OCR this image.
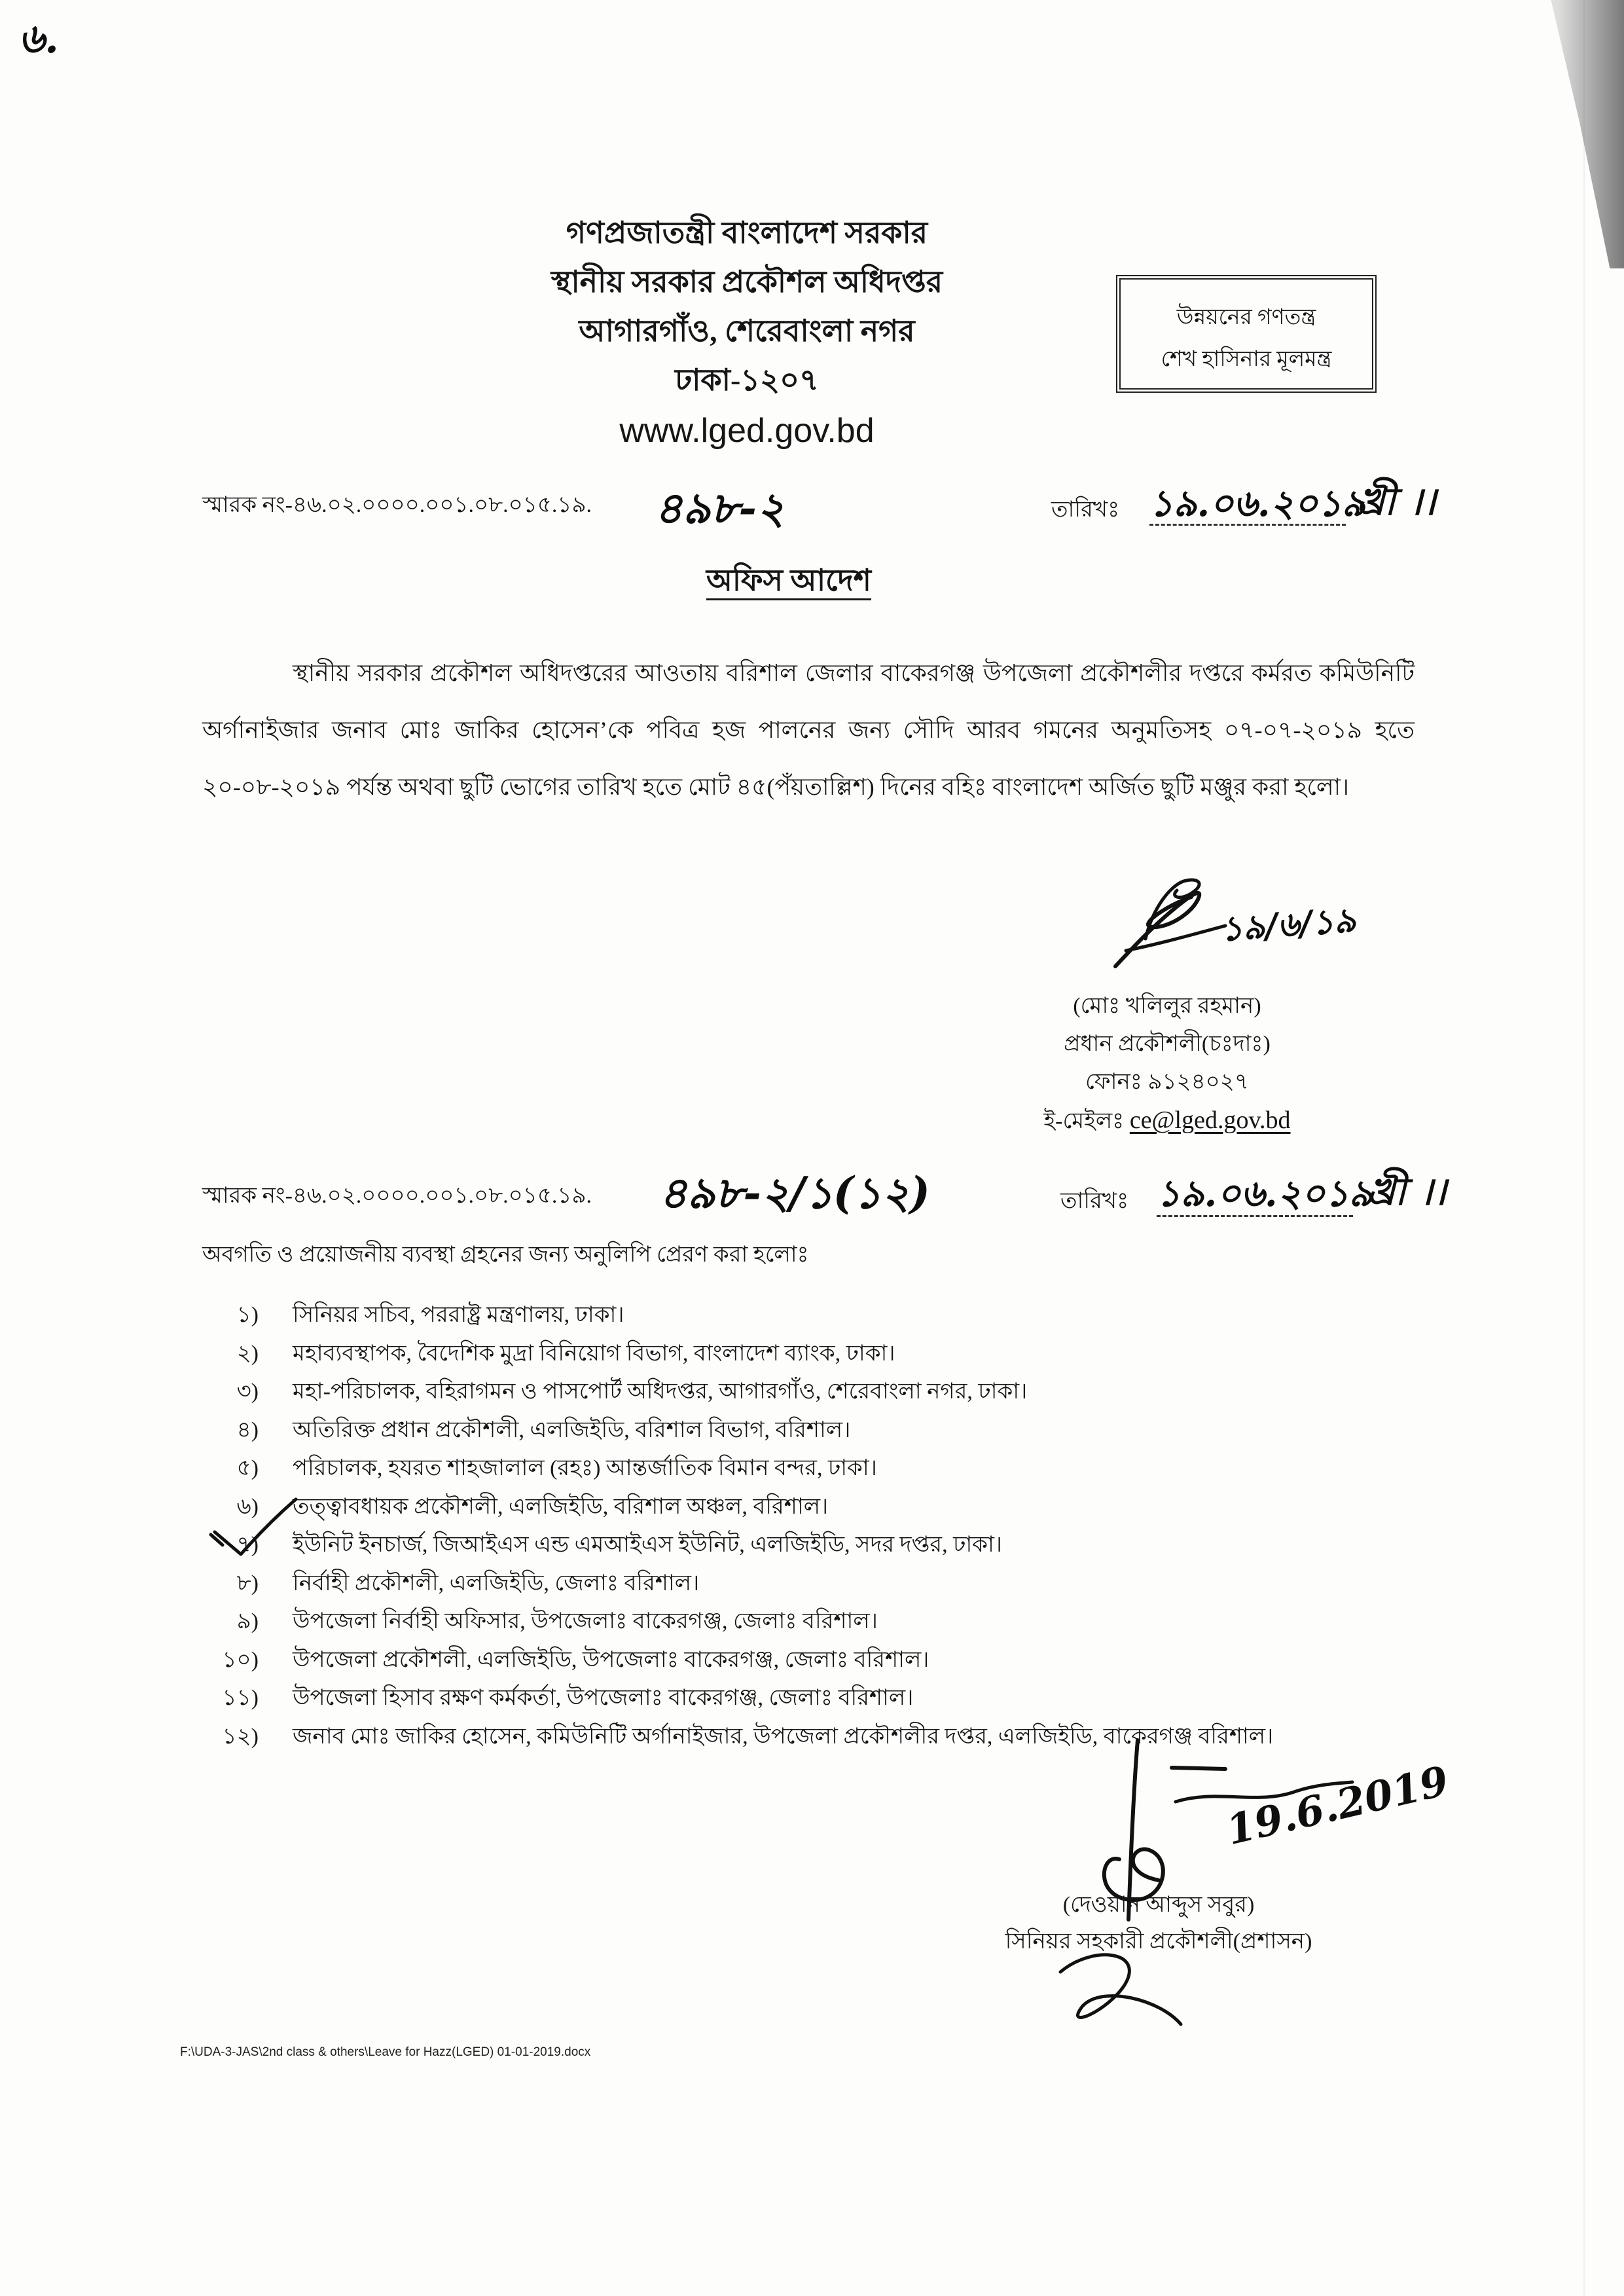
৬.
গণপ্রজাতন্ত্রী বাংলাদেশ সরকার
স্থানীয় সরকার প্রকৌশল অধিদপ্তর
আগারগাঁও, শেরেবাংলা নগর
ঢাকা-১২০৭
www.lged.gov.bd
উন্নয়নের গণতন্ত্র
শেখ হাসিনার মূলমন্ত্র
স্মারক নং-৪৬.০২.০০০০.০০১.০৮.০১৫.১৯. ৪৯৮-২	তারিখঃ ১৯.০৬.২০১৯
খ্রী ।।
অফিস আদেশ
স্থানীয় সরকার প্রকৌশল অধিদপ্তরের আওতায় বরিশাল জেলার বাকেরগঞ্জ উপজেলা প্রকৌশলীর দপ্তরে কর্মরত কমিউনিটি অর্গানাইজার জনাব মোঃ জাকির হোসেন’কে পবিত্র হজ পালনের জন্য সৌদি আরব গমনের অনুমতিসহ ০৭-০৭-২০১৯ হতে ২০-০৮-২০১৯ পর্যন্ত অথবা ছুটি ভোগের তারিখ হতে মোট ৪৫(পঁয়তাল্লিশ) দিনের বহিঃ বাংলাদেশ অর্জিত ছুটি মঞ্জুর করা হলো।
১৯/৬/১৯
(মোঃ খলিলুর রহমান)
প্রধান প্রকৌশলী(চঃদাঃ)
ফোনঃ ৯১২৪০২৭
ই-মেইলঃ ce@lged.gov.bd
স্মারক নং-৪৬.০২.০০০০.০০১.০৮.০১৫.১৯. ৪৯৮-২/১(১২)	তারিখঃ ১৯.০৬.২০১৯
খ্রী ।।
অবগতি ও প্রয়োজনীয় ব্যবস্থা গ্রহনের জন্য অনুলিপি প্রেরণ করা হলোঃ
১) সিনিয়র সচিব, পররাষ্ট্র মন্ত্রণালয়, ঢাকা।
২) মহাব্যবস্থাপক, বৈদেশিক মুদ্রা বিনিয়োগ বিভাগ, বাংলাদেশ ব্যাংক, ঢাকা।
৩) মহা-পরিচালক, বহিরাগমন ও পাসপোর্ট অধিদপ্তর, আগারগাঁও, শেরেবাংলা নগর, ঢাকা।
৪) অতিরিক্ত প্রধান প্রকৌশলী, এলজিইডি, বরিশাল বিভাগ, বরিশাল।
৫) পরিচালক, হযরত শাহজালাল (রহঃ) আন্তর্জাতিক বিমান বন্দর, ঢাকা।
৬) তত্ত্বাবধায়ক প্রকৌশলী, এলজিইডি, বরিশাল অঞ্চল, বরিশাল।
৭) ইউনিট ইনচার্জ, জিআইএস এন্ড এমআইএস ইউনিট, এলজিইডি, সদর দপ্তর, ঢাকা।
৮) নির্বাহী প্রকৌশলী, এলজিইডি, জেলাঃ বরিশাল।
৯) উপজেলা নির্বাহী অফিসার, উপজেলাঃ বাকেরগঞ্জ, জেলাঃ বরিশাল।
১০) উপজেলা প্রকৌশলী, এলজিইডি, উপজেলাঃ বাকেরগঞ্জ, জেলাঃ বরিশাল।
১১) উপজেলা হিসাব রক্ষণ কর্মকর্তা, উপজেলাঃ বাকেরগঞ্জ, জেলাঃ বরিশাল।
১২) জনাব মোঃ জাকির হোসেন, কমিউনিটি অর্গানাইজার, উপজেলা প্রকৌশলীর দপ্তর, এলজিইডি, বাকেরগঞ্জ বরিশাল।
19.6.2019
(দেওয়ান আব্দুস সবুর)
সিনিয়র সহকারী প্রকৌশলী(প্রশাসন)
F:\UDA-3-JAS\2nd class & others\Leave for Hazz(LGED) 01-01-2019.docx
